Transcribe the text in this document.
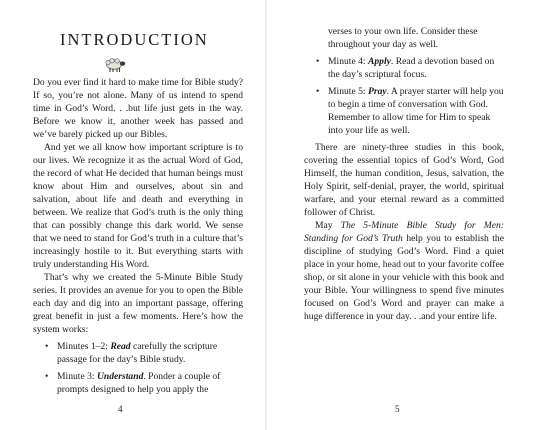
INTRODUCTION

Do you ever find it hard to make time for Bible study? If so, you’re not alone. Many of us intend to spend time in God’s Word. . .but life just gets in the way. Before we know it, another week has passed and we’ve barely picked up our Bibles.

And yet we all know how important scripture is to our lives. We recognize it as the actual Word of God, the record of what He decided that human beings must know about Him and ourselves, about sin and salvation, about life and death and everything in between. We realize that God’s truth is the only thing that can possibly change this dark world. We sense that we need to stand for God’s truth in a culture that’s increasingly hostile to it. But everything starts with truly understanding His Word.

That’s why we created the 5-Minute Bible Study series. It provides an avenue for you to open the Bible each day and dig into an important passage, offering great benefit in just a few moments. Here’s how the system works:

• Minutes 1–2: Read carefully the scripture passage for the day’s Bible study.
• Minute 3: Understand. Ponder a couple of prompts designed to help you apply the
4
verses to your own life. Consider these throughout your day as well.
• Minute 4: Apply. Read a devotion based on the day’s scriptural focus.
• Minute 5: Pray. A prayer starter will help you to begin a time of conversation with God. Remember to allow time for Him to speak into your life as well.

There are ninety-three studies in this book, covering the essential topics of God’s Word, God Himself, the human condition, Jesus, salvation, the Holy Spirit, self-denial, prayer, the world, spiritual warfare, and your eternal reward as a committed follower of Christ.

May The 5-Minute Bible Study for Men: Standing for God’s Truth help you to establish the discipline of studying God’s Word. Find a quiet place in your home, head out to your favorite coffee shop, or sit alone in your vehicle with this book and your Bible. Your willingness to spend five minutes focused on God’s Word and prayer can make a huge difference in your day. . .and your entire life.

5
